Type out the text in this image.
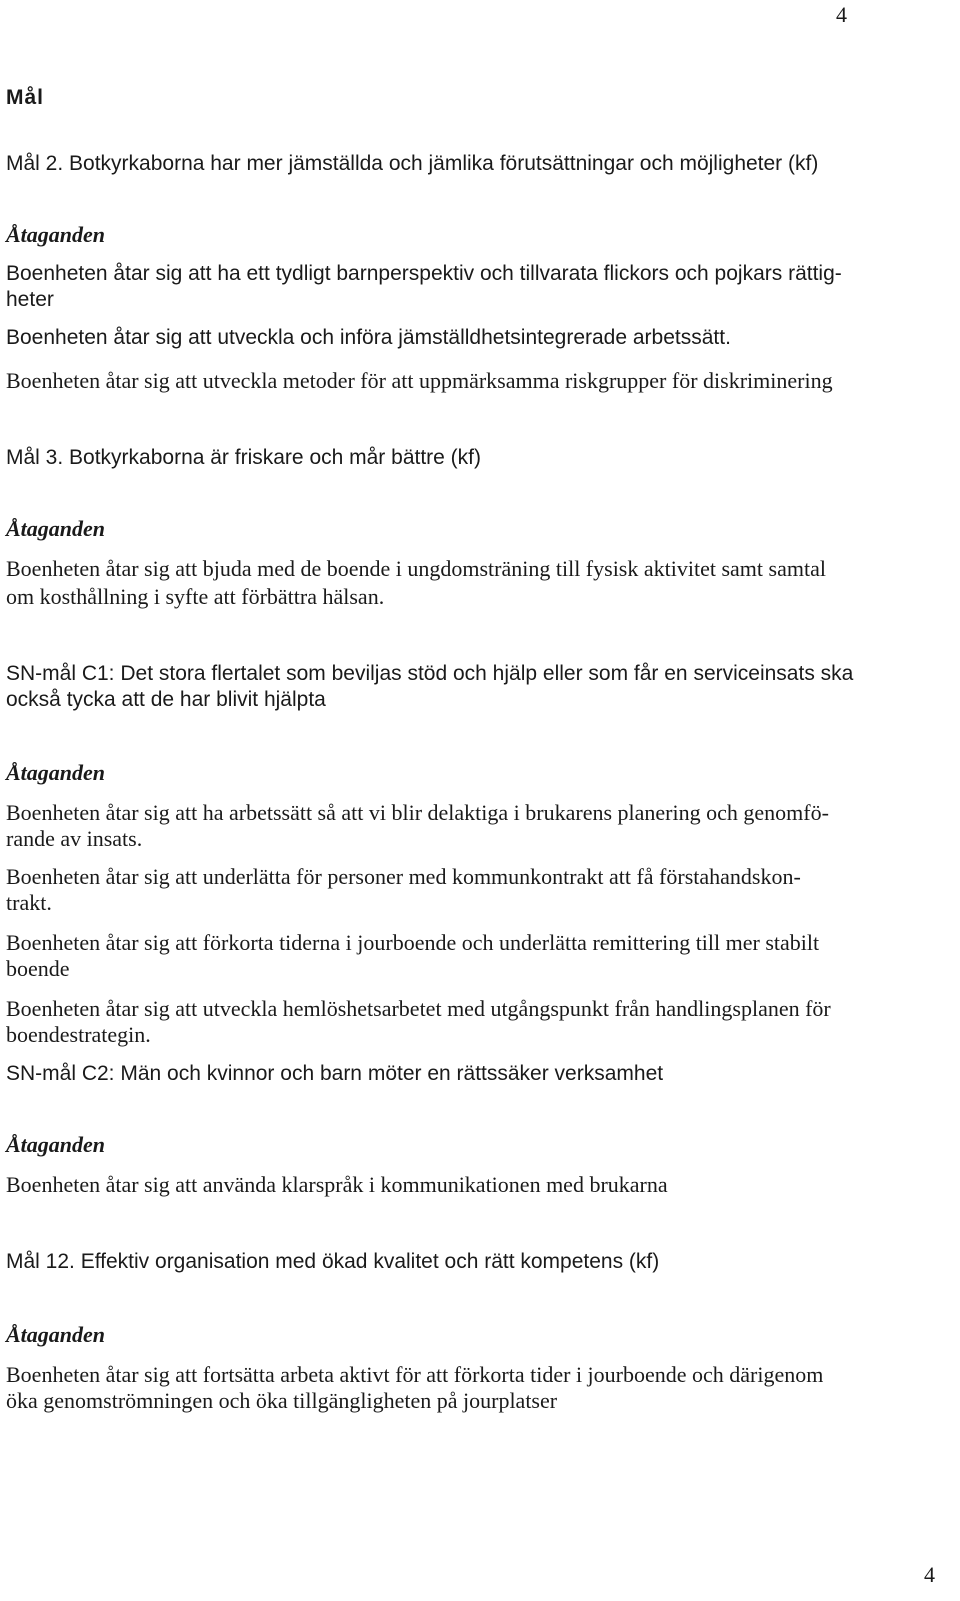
4
Mål
Mål 2. Botkyrkaborna har mer jämställda och jämlika förutsättningar och möjligheter (kf)
Åtaganden
Boenheten åtar sig att ha ett tydligt barnperspektiv och tillvarata flickors och pojkars rättig-
heter
Boenheten åtar sig att utveckla och införa jämställdhetsintegrerade arbetssätt.
Boenheten åtar sig att utveckla metoder för att uppmärksamma riskgrupper för diskriminering
Mål 3. Botkyrkaborna är friskare och mår bättre (kf)
Åtaganden
Boenheten åtar sig att bjuda med de boende i ungdomsträning till fysisk aktivitet samt samtal
om kosthållning i syfte att förbättra hälsan.
SN-mål C1: Det stora flertalet som beviljas stöd och hjälp eller som får en serviceinsats ska
också tycka att de har blivit hjälpta
Åtaganden
Boenheten åtar sig att ha arbetssätt så att vi blir delaktiga i brukarens planering och genomfö-
rande av insats.
Boenheten åtar sig att underlätta för personer med kommunkontrakt att få förstahandskon-
trakt.
Boenheten åtar sig att förkorta tiderna i jourboende och underlätta remittering till mer stabilt
boende
Boenheten åtar sig att utveckla hemlöshetsarbetet med utgångspunkt från handlingsplanen för
boendestrategin.
SN-mål C2: Män och kvinnor och barn möter en rättssäker verksamhet
Åtaganden
Boenheten åtar sig att använda klarspråk i kommunikationen med brukarna
Mål 12. Effektiv organisation med ökad kvalitet och rätt kompetens (kf)
Åtaganden
Boenheten åtar sig att fortsätta arbeta aktivt för att förkorta tider i jourboende och därigenom
öka genomströmningen och öka tillgängligheten på jourplatser
4
